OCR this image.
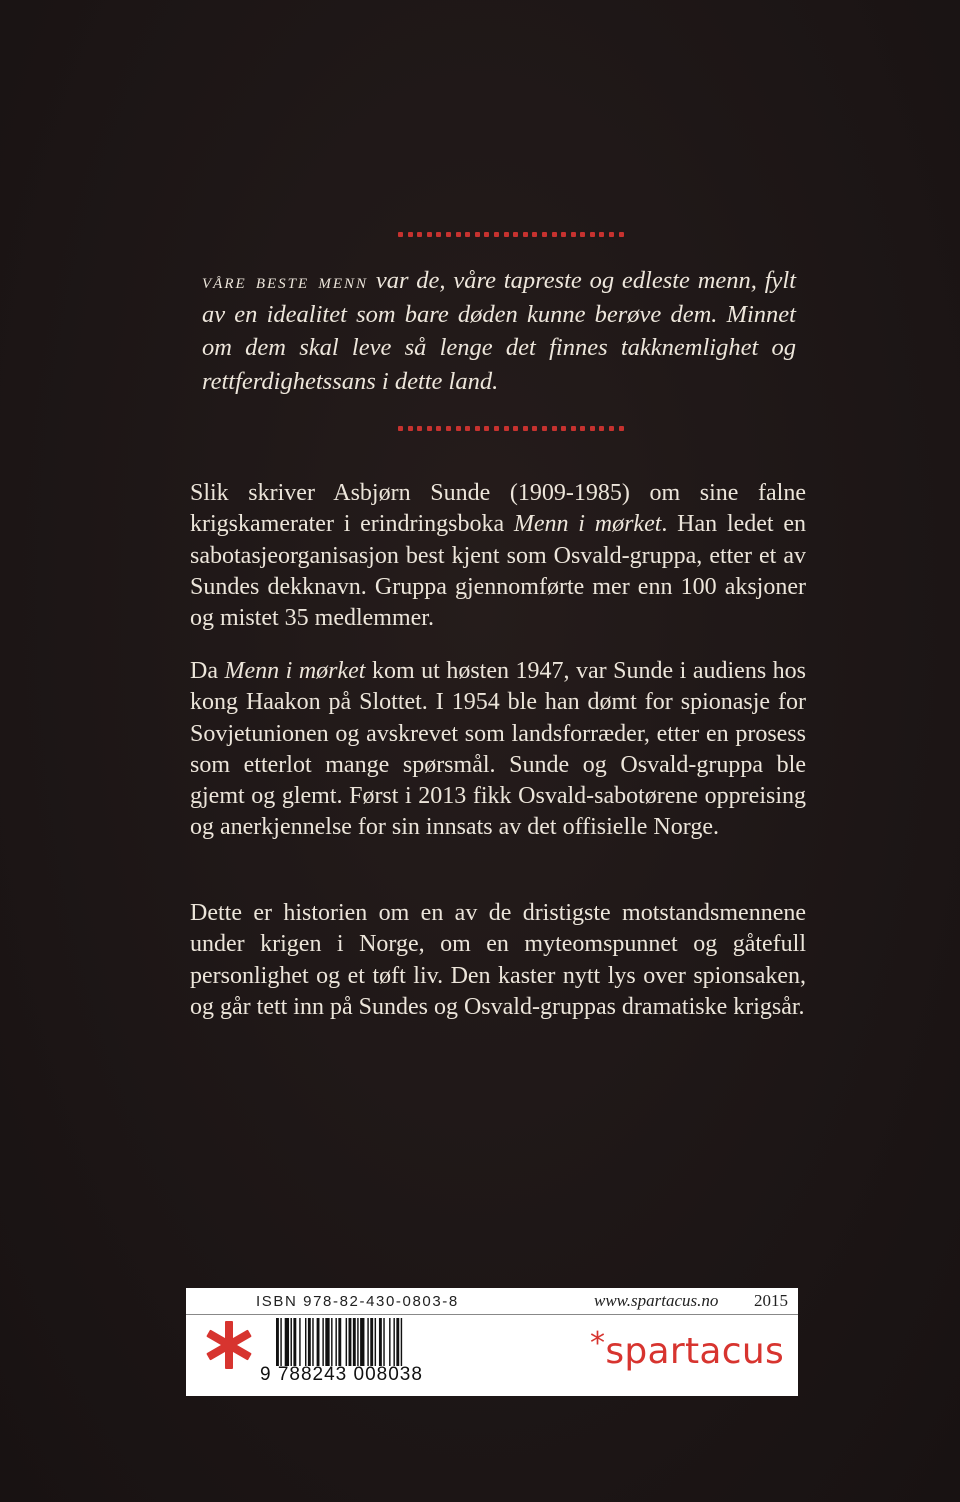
våre beste menn var de, våre tapreste og edleste menn, fylt av en idealitet som bare døden kunne berøve dem. Minnet om dem skal leve så lenge det finnes takknemlighet og rettferdighetssans i dette land.

Slik skriver Asbjørn Sunde (1909-1985) om sine falne krigskamerater i erindringsboka Menn i mørket. Han ledet en sabotasjeorganisasjon best kjent som Osvald-gruppa, etter et av Sundes dekknavn. Gruppa gjennomførte mer enn 100 aksjoner og mistet 35 medlemmer.

Da Menn i mørket kom ut høsten 1947, var Sunde i audiens hos kong Haakon på Slottet. I 1954 ble han dømt for spionasje for Sovjetunionen og avskrevet som landsforræder, etter en prosess som etterlot mange spørsmål. Sunde og Osvald-gruppa ble gjemt og glemt. Først i 2013 fikk Osvald-sabotørene oppreising og anerkjennelse for sin innsats av det offisielle Norge.

Dette er historien om en av de dristigste motstandsmennene under krigen i Norge, om en myteomspunnet og gåtefull personlighet og et tøft liv. Den kaster nytt lys over spionsaken, og går tett inn på Sundes og Osvald-gruppas dramatiske krigsår.

ISBN 978-82-430-0803-8	www.spartacus.no 2015
9 788243 008038
*spartacus
